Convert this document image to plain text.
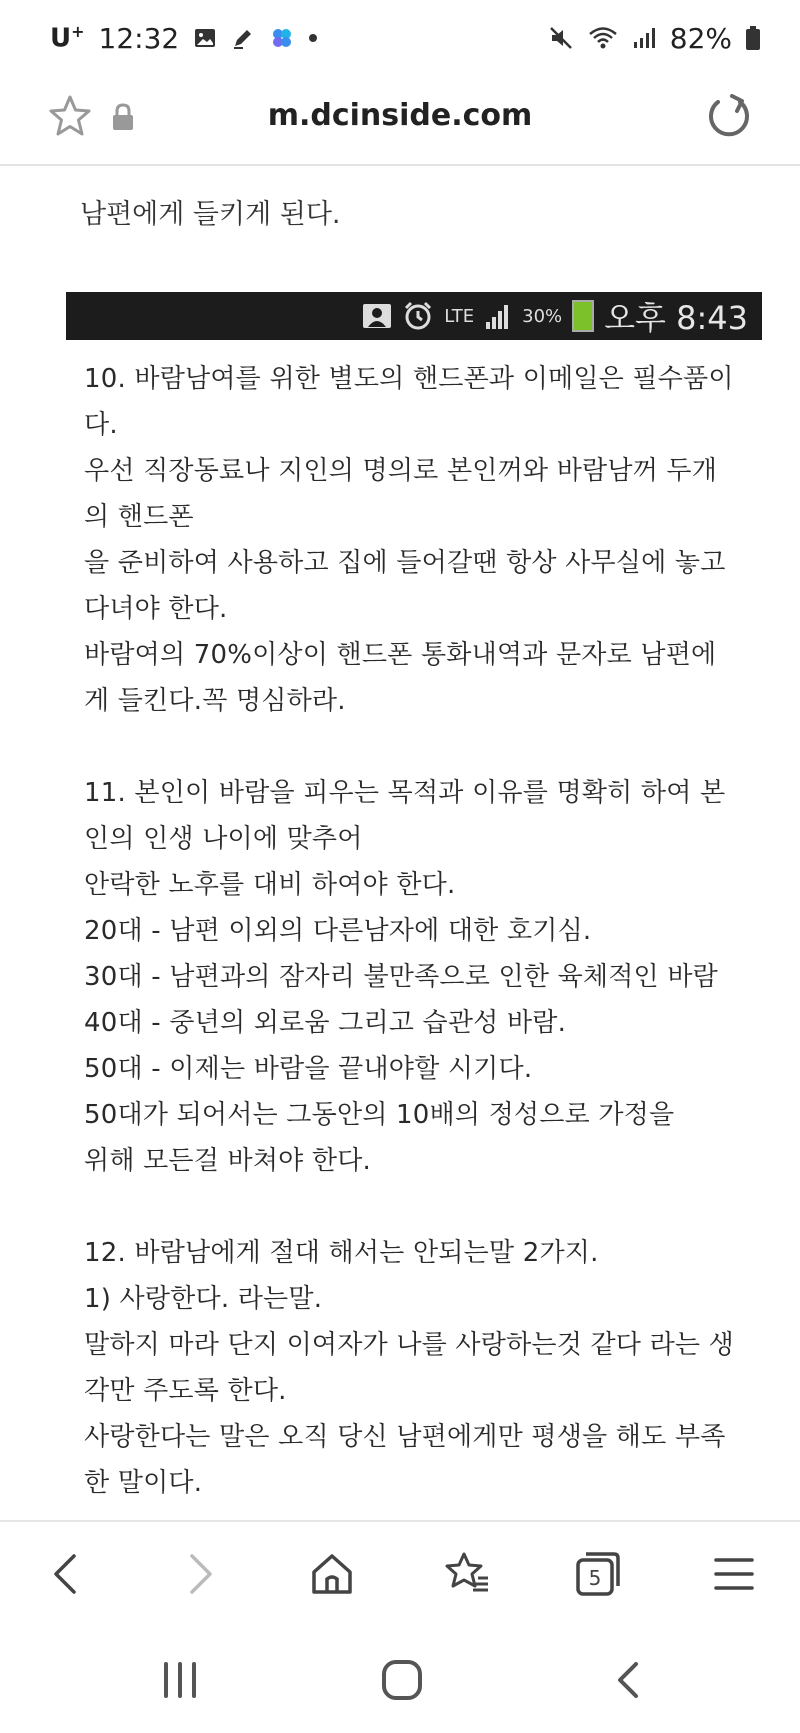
U+ 12:32	82%
m.dcinside.com
남편에게 들키게 된다.
LTE	30% 오후 8:43
10. 바람남여를 위한 별도의 핸드폰과 이메일은 필수품이
다.
우선 직장동료나 지인의 명의로 본인꺼와 바람남꺼 두개
의 핸드폰
을 준비하여 사용하고 집에 들어갈땐 항상 사무실에 놓고
다녀야 한다.
바람여의 70%이상이 핸드폰 통화내역과 문자로 남편에
게 들킨다.꼭 명심하라.
11. 본인이 바람을 피우는 목적과 이유를 명확히 하여 본
인의 인생 나이에 맞추어
안락한 노후를 대비 하여야 한다.
20대 - 남편 이외의 다른남자에 대한 호기심.
30대 - 남편과의 잠자리 불만족으로 인한 육체적인 바람
40대 - 중년의 외로움 그리고 습관성 바람.
50대 - 이제는 바람을 끝내야할 시기다.
50대가 되어서는 그동안의 10배의 정성으로 가정을
위해 모든걸 바쳐야 한다.
12. 바람남에게 절대 해서는 안되는말 2가지.
1) 사랑한다. 라는말.
말하지 마라 단지 이여자가 나를 사랑하는것 같다 라는 생
각만 주도록 한다.
사랑한다는 말은 오직 당신 남편에게만 평생을 해도 부족
한 말이다.
5
